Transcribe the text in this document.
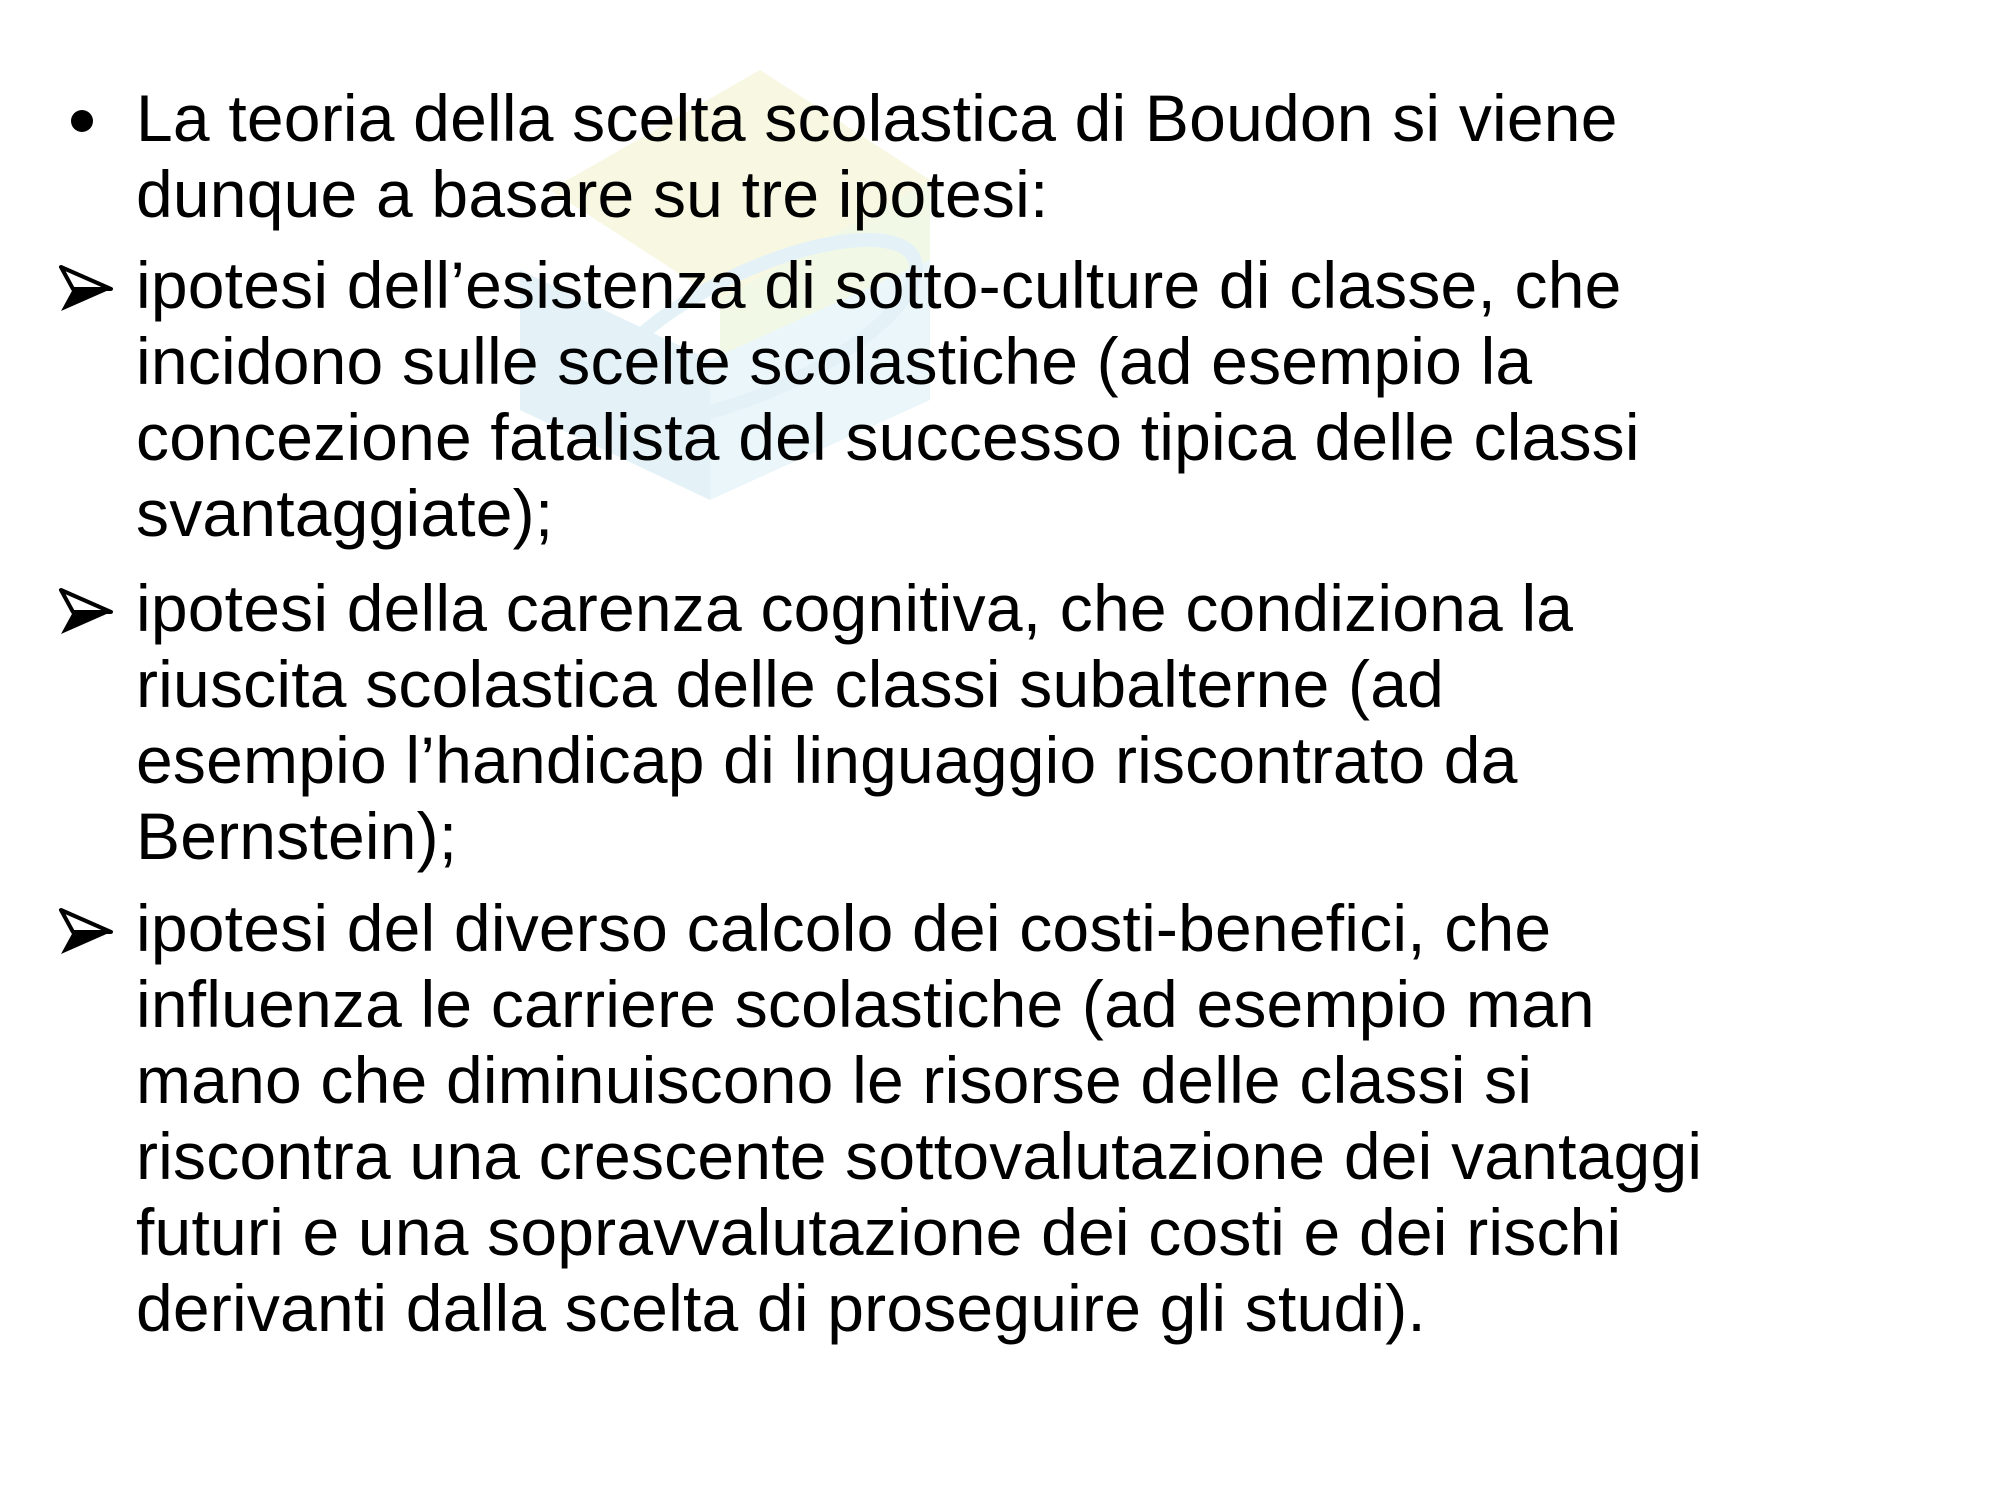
La teoria della scelta scolastica di Boudon si viene
dunque a basare su tre ipotesi:
ipotesi dell’esistenza di sotto-culture di classe, che
incidono sulle scelte scolastiche (ad esempio la
concezione fatalista del successo tipica delle classi
svantaggiate);
ipotesi della carenza cognitiva, che condiziona la
riuscita scolastica delle classi subalterne (ad
esempio l’handicap di linguaggio riscontrato da
Bernstein);
ipotesi del diverso calcolo dei costi-benefici, che
influenza le carriere scolastiche (ad esempio man
mano che diminuiscono le risorse delle classi si
riscontra una crescente sottovalutazione dei vantaggi
futuri e una sopravvalutazione dei costi e dei rischi
derivanti dalla scelta di proseguire gli studi).
